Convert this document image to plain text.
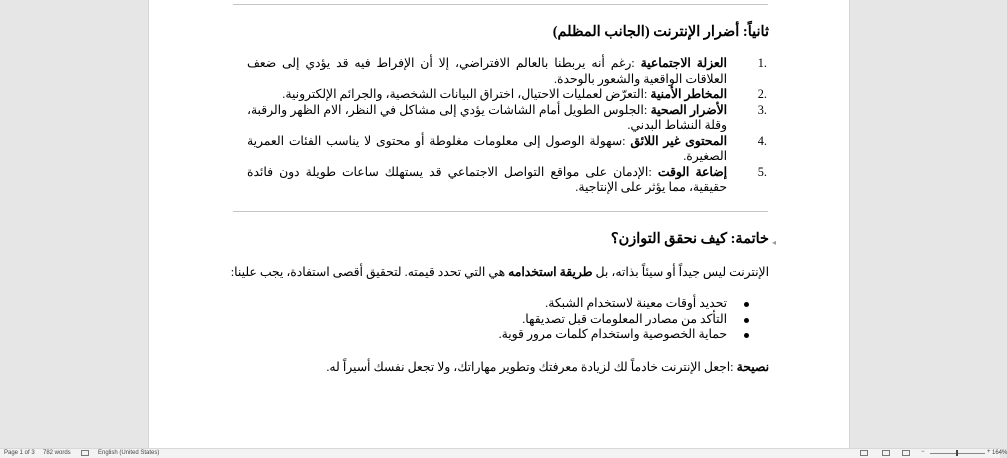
ثانياً: أضرار الإنترنت (الجانب المظلم)
.1
العزلة الاجتماعية :رغم أنه يربطنا بالعالم الافتراضي، إلا أن الإفراط فيه قد يؤدي إلى ضعف العلاقات الواقعية والشعور بالوحدة.
.2
المخاطر الأمنية :التعرّض لعمليات الاحتيال، اختراق البيانات الشخصية، والجرائم الإلكترونية.
.3
الأضرار الصحية :الجلوس الطويل أمام الشاشات يؤدي إلى مشاكل في النظر، الام الظهر والرقبة، وقلة النشاط البدني.
.4
المحتوى غير اللائق :سهولة الوصول إلى معلومات مغلوطة أو محتوى لا يناسب الفئات العمرية الصغيرة.
.5
إضاعة الوقت :الإدمان على مواقع التواصل الاجتماعي قد يستهلك ساعات طويلة دون فائدة حقيقية، مما يؤثر على الإنتاجية.
◂
خاتمة: كيف نحقق التوازن؟
الإنترنت ليس جيداً أو سيئاً بذاته، بل طريقة استخدامه هي التي تحدد قيمته. لتحقيق أقصى استفادة، يجب علينا:
تحديد أوقات معينة لاستخدام الشبكة.
التأكد من مصادر المعلومات قبل تصديقها.
حماية الخصوصية واستخدام كلمات مرور قوية.
نصيحة :اجعل الإنترنت خادماً لك لزيادة معرفتك وتطوير مهاراتك، ولا تجعل نفسك أسيراً له.
Page 1 of 3 782 words	English (United States)	−	+ 164%
